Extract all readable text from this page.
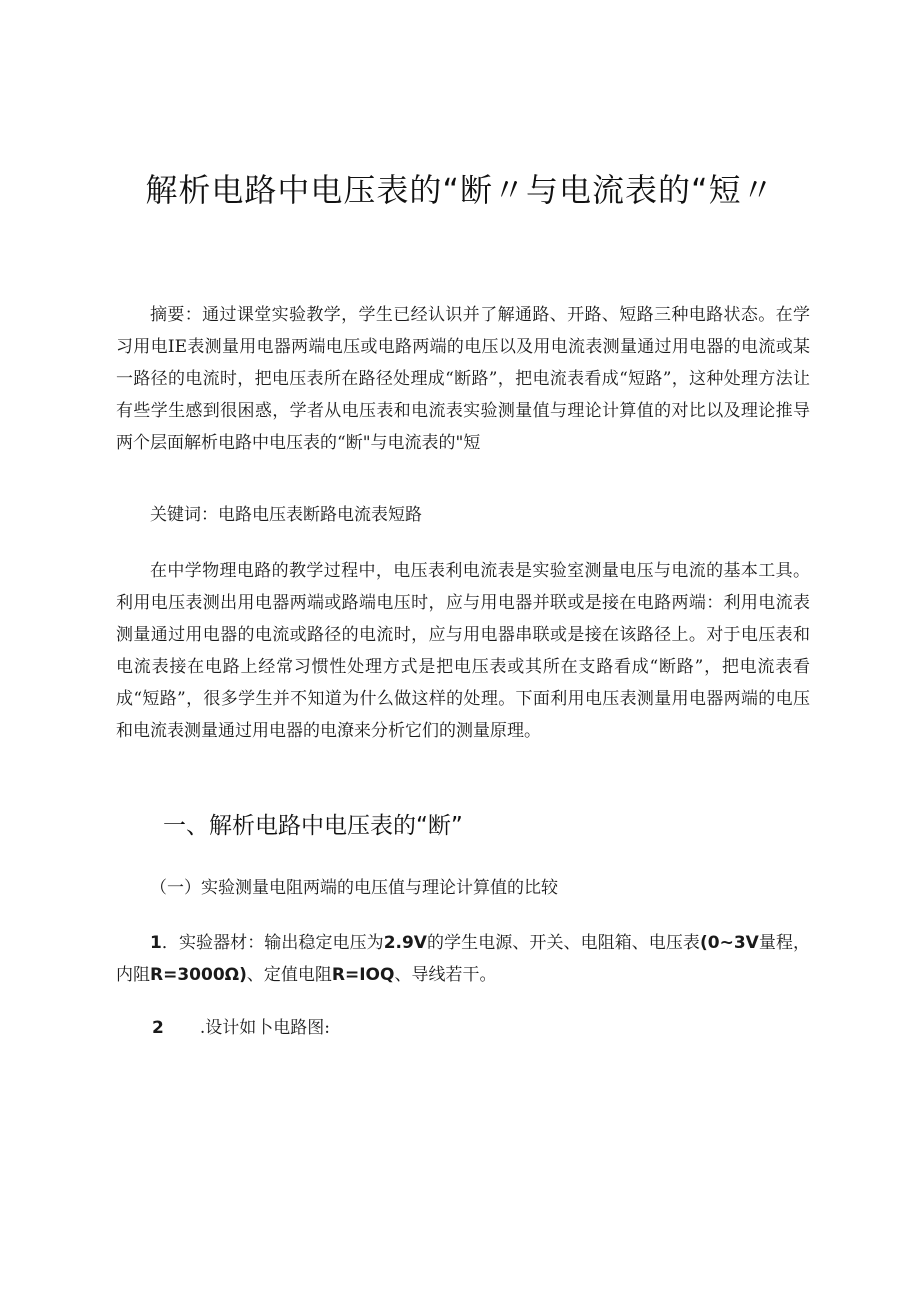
解析电路中电压表的“断〃与电流表的“短〃

摘要：通过课堂实验教学，学生已经认识并了解通路、开路、短路三种电路状态。在学习用电IE表测量用电器两端电压或电路两端的电压以及用电流表测量通过用电器的电流或某一路径的电流时，把电压表所在路径处理成“断路”，把电流表看成“短路”，这种处理方法让有些学生感到很困惑，学者从电压表和电流表实验测量值与理论计算值的对比以及理论推导两个层面解析电路中电压表的“断"与电流表的"短

关键词：电路电压表断路电流表短路

在中学物理电路的教学过程中，电压表利电流表是实验室测量电压与电流的基本工具。利用电压表测出用电器两端或路端电压时，应与用电器并联或是接在电路两端：利用电流表测量通过用电器的电流或路径的电流时，应与用电器串联或是接在该路径上。对于电压表和电流表接在电路上经常习惯性处理方式是把电压表或其所在支路看成“断路”，把电流表看成“短路”，很多学生并不知道为什么做这样的处理。下面利用电压表测量用电器两端的电压和电流表测量通过用电器的电潦来分析它们的测量原理。

一、解析电路中电压表的“断”
（一）实验测量电阻两端的电压值与理论计算值的比较

1．实验器材：输出稳定电压为2.9V的学生电源、开关、电阻箱、电压表(0~3V量程，内阻R=3000Ω)、定值电阻R=IOQ、导线若干。

2 .设计如卜电路图:
